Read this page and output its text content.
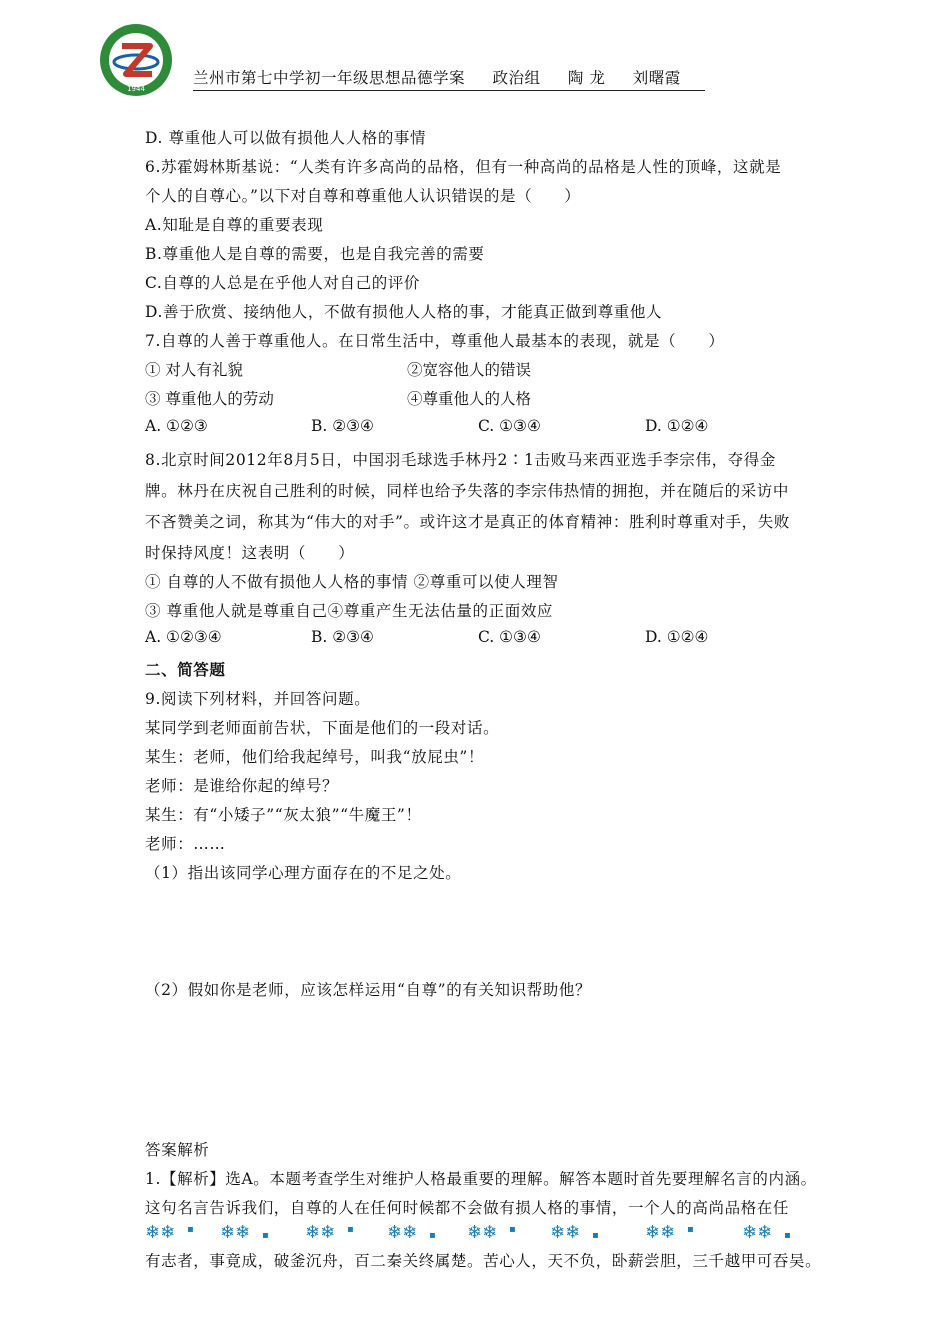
1944
兰州市第七中学初一年级思想品德学案 政治组 陶 龙 刘曙霞
D. 尊重他人可以做有损他人人格的事情
6.苏霍姆林斯基说：“人类有许多高尚的品格，但有一种高尚的品格是人性的顶峰，这就是
个人的自尊心。”以下对自尊和尊重他人认识错误的是（　　）
A.知耻是自尊的重要表现
B.尊重他人是自尊的需要，也是自我完善的需要
C.自尊的人总是在乎他人对自己的评价
D.善于欣赏、接纳他人，不做有损他人人格的事，才能真正做到尊重他人
7.自尊的人善于尊重他人。在日常生活中，尊重他人最基本的表现，就是（　　）
① 对人有礼貌	②宽容他人的错误
③ 尊重他人的劳动	④尊重他人的人格
A. ①②③	B. ②③④	C. ①③④	D. ①②④
8.北京时间2012年8月5日，中国羽毛球选手林丹2∶1击败马来西亚选手李宗伟，夺得金
牌。林丹在庆祝自己胜利的时候，同样也给予失落的李宗伟热情的拥抱，并在随后的采访中
不吝赞美之词，称其为“伟大的对手”。或许这才是真正的体育精神：胜利时尊重对手，失败
时保持风度！这表明（　　）
① 自尊的人不做有损他人人格的事情 ②尊重可以使人理智
③ 尊重他人就是尊重自己④尊重产生无法估量的正面效应
A. ①②③④	B. ②③④	C. ①③④	D. ①②④
二、简答题
9.阅读下列材料，并回答问题。
某同学到老师面前告状，下面是他们的一段对话。
某生：老师，他们给我起绰号，叫我“放屁虫”！
老师：是谁给你起的绰号？
某生：有“小矮子”“灰太狼”“牛魔王”！
老师：……
（1）指出该同学心理方面存在的不足之处。
（2）假如你是老师，应该怎样运用“自尊”的有关知识帮助他？
答案解析
1.【解析】选A。本题考查学生对维护人格最重要的理解。解答本题时首先要理解名言的内涵。
这句名言告诉我们，自尊的人在任何时候都不会做有损人格的事情，一个人的高尚品格在任
❄❄ ▪ ❄❄ ▪ ❄❄ ▪ ❄❄ ▪ ❄❄ ▪ ❄❄ ▪	❄❄ ▪	❄❄ ▪
有志者，事竟成，破釜沉舟，百二秦关终属楚。苦心人，天不负，卧薪尝胆，三千越甲可吞吴。
